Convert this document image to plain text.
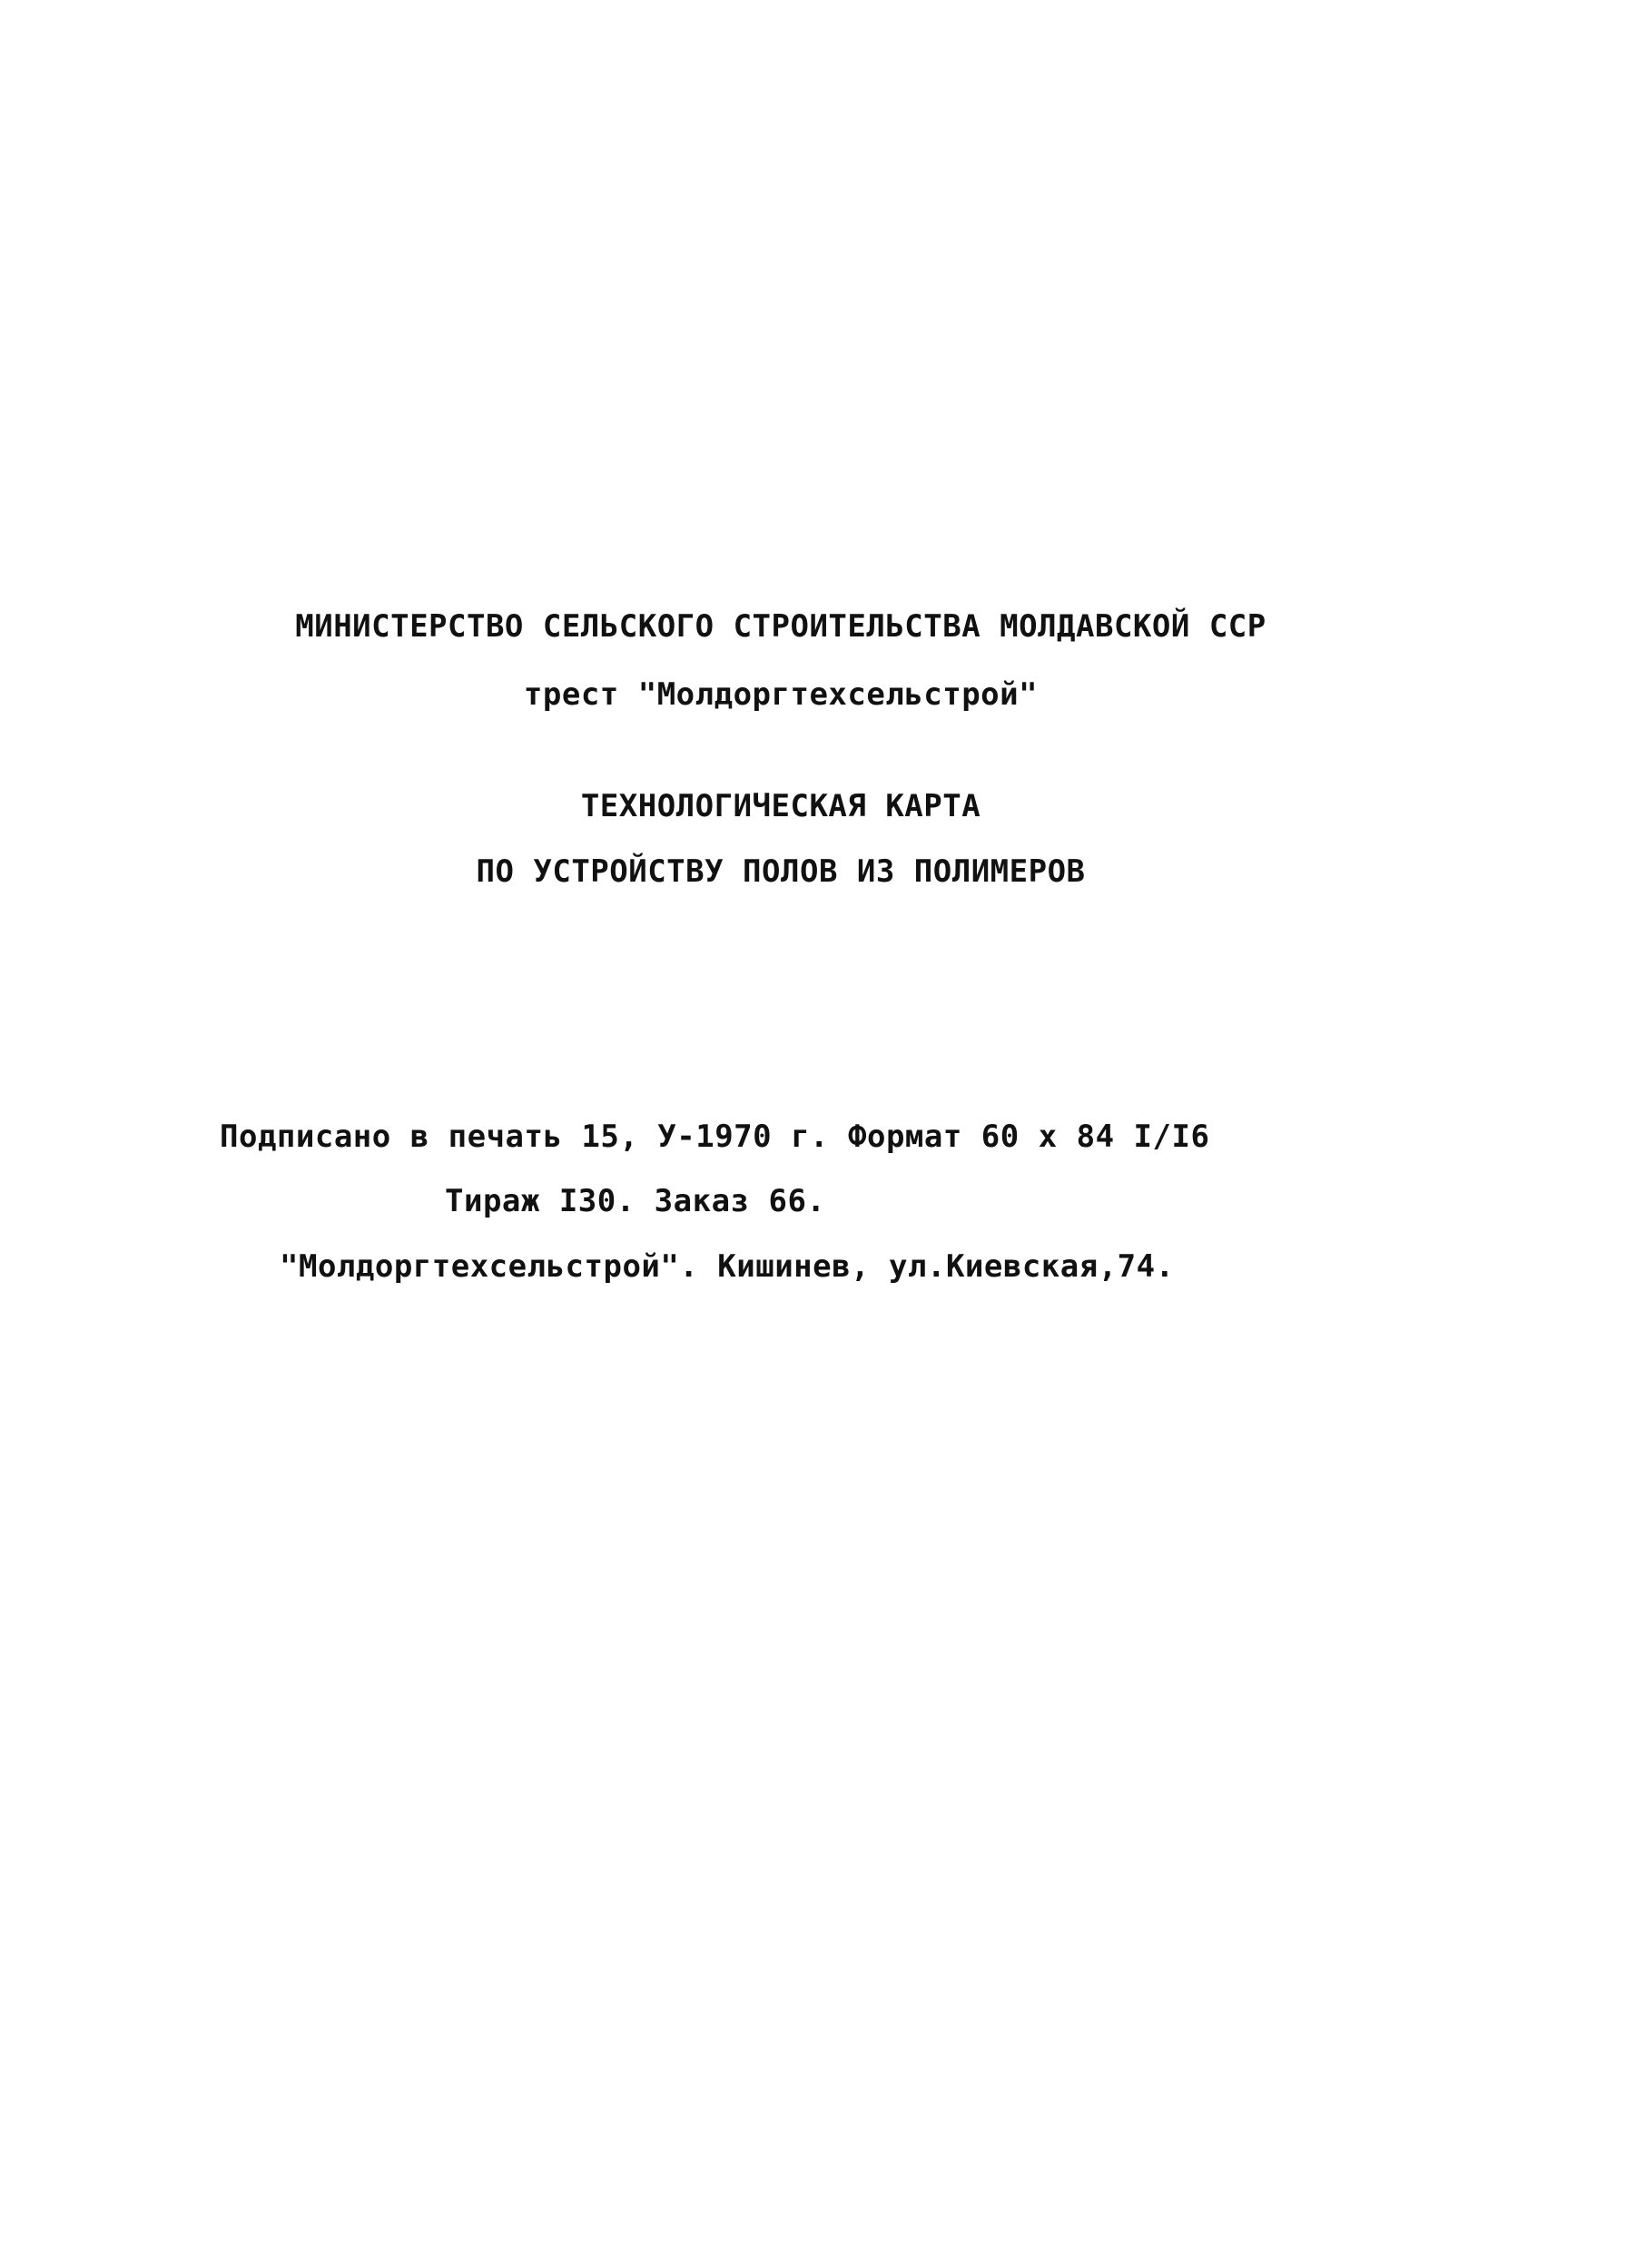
МИНИСТЕРСТВО СЕЛЬСКОГО СТРОИТЕЛЬСТВА МОЛДАВСКОЙ ССР
трест "Молдоргтехсельстрой"
ТЕХНОЛОГИЧЕСКАЯ КАРТА
ПО УСТРОЙСТВУ ПОЛОВ ИЗ ПОЛИМЕРОВ
Подписано в печать 15, У-1970 г. Формат 60 х 84 I/I6
Тираж I30. Заказ 66.
"Молдоргтехсельстрой". Кишинев, ул.Киевская,74.
